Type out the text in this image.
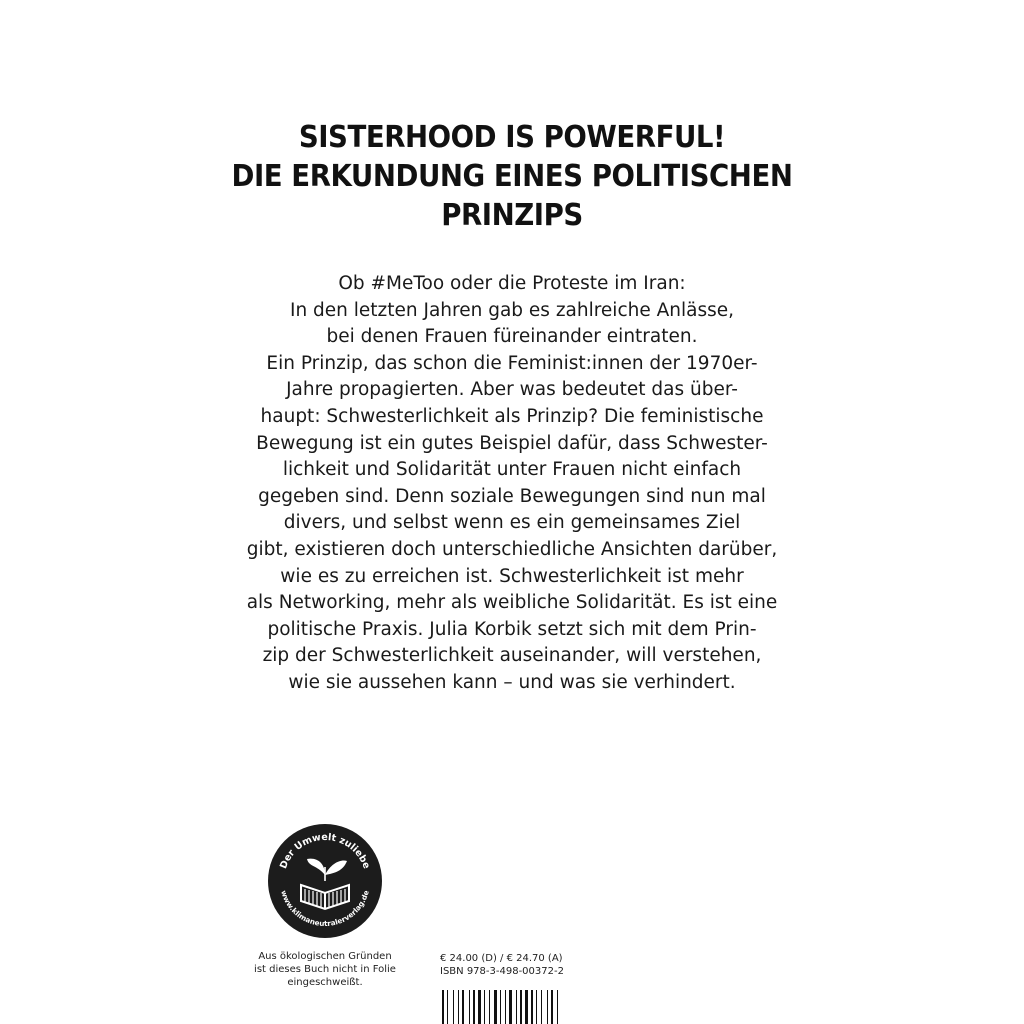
SISTERHOOD IS POWERFUL!
DIE ERKUNDUNG EINES POLITISCHEN
PRINZIPS
Ob #MeToo oder die Proteste im Iran:
In den letzten Jahren gab es zahlreiche Anlässe,
bei denen Frauen füreinander eintraten.
Ein Prinzip, das schon die Feminist:innen der 1970er-
Jahre propagierten. Aber was bedeutet das über-
haupt: Schwesterlichkeit als Prinzip? Die feministische
Bewegung ist ein gutes Beispiel dafür, dass Schwester-
lichkeit und Solidarität unter Frauen nicht einfach
gegeben sind. Denn soziale Bewegungen sind nun mal
divers, und selbst wenn es ein gemeinsames Ziel
gibt, existieren doch unterschiedliche Ansichten darüber,
wie es zu erreichen ist. Schwesterlichkeit ist mehr
als Networking, mehr als weibliche Solidarität. Es ist eine
politische Praxis. Julia Korbik setzt sich mit dem Prin-
zip der Schwesterlichkeit auseinander, will verstehen,
wie sie aussehen kann – und was sie verhindert.
Der Umwelt zuliebe
www.klimaneutralerverlag.de
Aus ökologischen Gründen
ist dieses Buch nicht in Folie
eingeschweißt.
€ 24.00 (D) / € 24.70 (A)
ISBN 978-3-498-00372-2
